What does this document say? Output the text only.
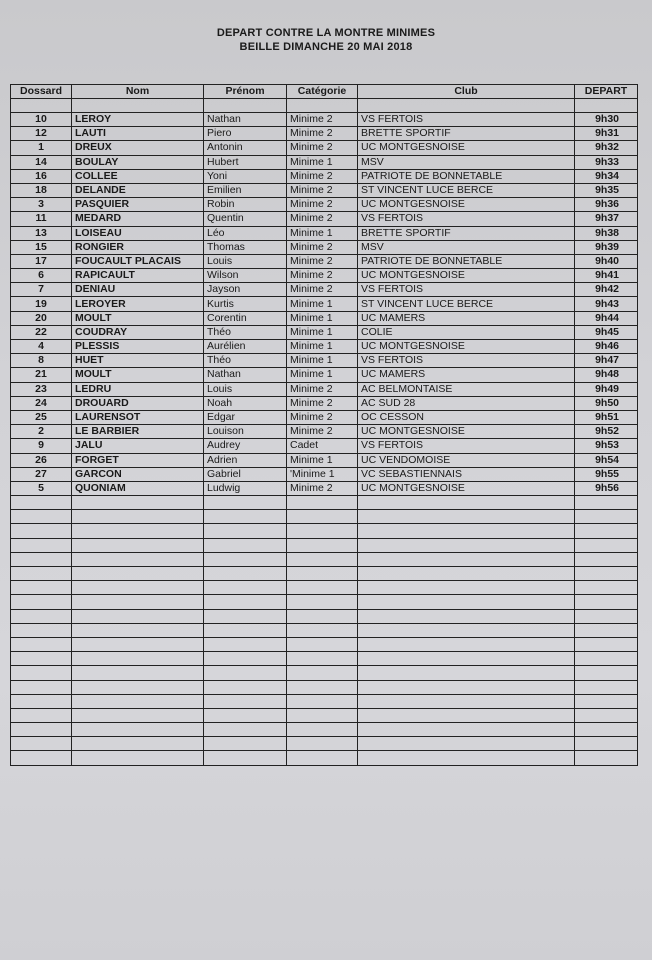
DEPART CONTRE LA MONTRE MINIMES
BEILLE DIMANCHE 20 MAI 2018
Dossard	Nom	Prénom	Catégorie	Club	DEPART

10	LEROY	Nathan	Minime 2	VS FERTOIS	9h30
12	LAUTI	Piero	Minime 2	BRETTE SPORTIF	9h31
1	DREUX	Antonin	Minime 2	UC MONTGESNOISE	9h32
14	BOULAY	Hubert	Minime 1	MSV	9h33
16	COLLEE	Yoni	Minime 2	PATRIOTE DE BONNETABLE	9h34
18	DELANDE	Emilien	Minime 2	ST VINCENT LUCE BERCE	9h35
3	PASQUIER	Robin	Minime 2	UC MONTGESNOISE	9h36
11	MEDARD	Quentin	Minime 2	VS FERTOIS	9h37
13	LOISEAU	Léo	Minime 1	BRETTE SPORTIF	9h38
15	RONGIER	Thomas	Minime 2	MSV	9h39
17	FOUCAULT PLACAIS	Louis	Minime 2	PATRIOTE DE BONNETABLE	9h40
6	RAPICAULT	Wilson	Minime 2	UC MONTGESNOISE	9h41
7	DENIAU	Jayson	Minime 2	VS FERTOIS	9h42
19	LEROYER	Kurtis	Minime 1	ST VINCENT LUCE BERCE	9h43
20	MOULT	Corentin	Minime 1	UC MAMERS	9h44
22	COUDRAY	Théo	Minime 1	COLIE	9h45
4	PLESSIS	Aurélien	Minime 1	UC MONTGESNOISE	9h46
8	HUET	Théo	Minime 1	VS FERTOIS	9h47
21	MOULT	Nathan	Minime 1	UC MAMERS	9h48
23	LEDRU	Louis	Minime 2	AC BELMONTAISE	9h49
24	DROUARD	Noah	Minime 2	AC SUD 28	9h50
25	LAURENSOT	Edgar	Minime 2	OC CESSON	9h51
2	LE BARBIER	Louison	Minime 2	UC MONTGESNOISE	9h52
9	JALU	Audrey	Cadet	VS FERTOIS	9h53
26	FORGET	Adrien	Minime 1	UC VENDOMOISE	9h54
27	GARCON	Gabriel	'Minime 1	VC SEBASTIENNAIS	9h55
5	QUONIAM	Ludwig	Minime 2	UC MONTGESNOISE	9h56
